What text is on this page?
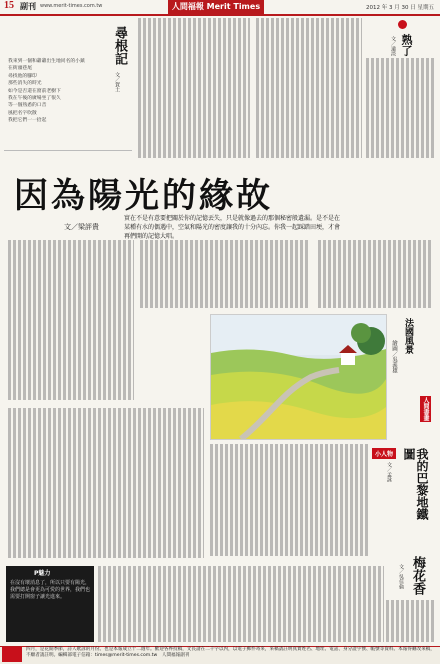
15 副刊 www.merit-times.com.tw	人間福報 Merit Times	2012 年 3 月 30 日 星期五
尋根記
文／賀土
我來到一個和爺爺出生地同名的小鎮
在街頭巷尾
尋找他的腳印
那些消失的時光
如今是否還在窗前老樹下
我在午後的廣場坐了很久
等一個熟悉的口音
風把名字吹散
我把它們一一拾起
熟了
文／遠淡
因為陽光的緣故
文／梁評貴
實在不是有意要把關於你的記憶丟失，只是就像過去的那個秘密般遺漏。是不是在某種有水的偶遇中，空氣和陽光的密度讓我的十分內忘。你我一起踩踏田埂，才會再們開的記憶大唱。
法國風景
繪圖／吳義雄
人間書畫
小人物	我的巴黎地鐵圖
文／孟詠
P魅力
在沒有壞消息了，所以只要有陽光，我們總是會更為可愛的世界，我們也需要打開窗子讓光進來。
梅花香
文／吳佳倫
四月，是花開季節，詩人歌詠的月份。也是本報成立十二週年。歡迎各界投稿，文長請在二千字以內，以電子郵件寄來，來稿請註明真實姓名、地址、電話、身分證字號、帳號等資料。本報得刪改來稿，不願者請註明。編輯部電子信箱：times@merit-times.com.tw　人間福報副刊
